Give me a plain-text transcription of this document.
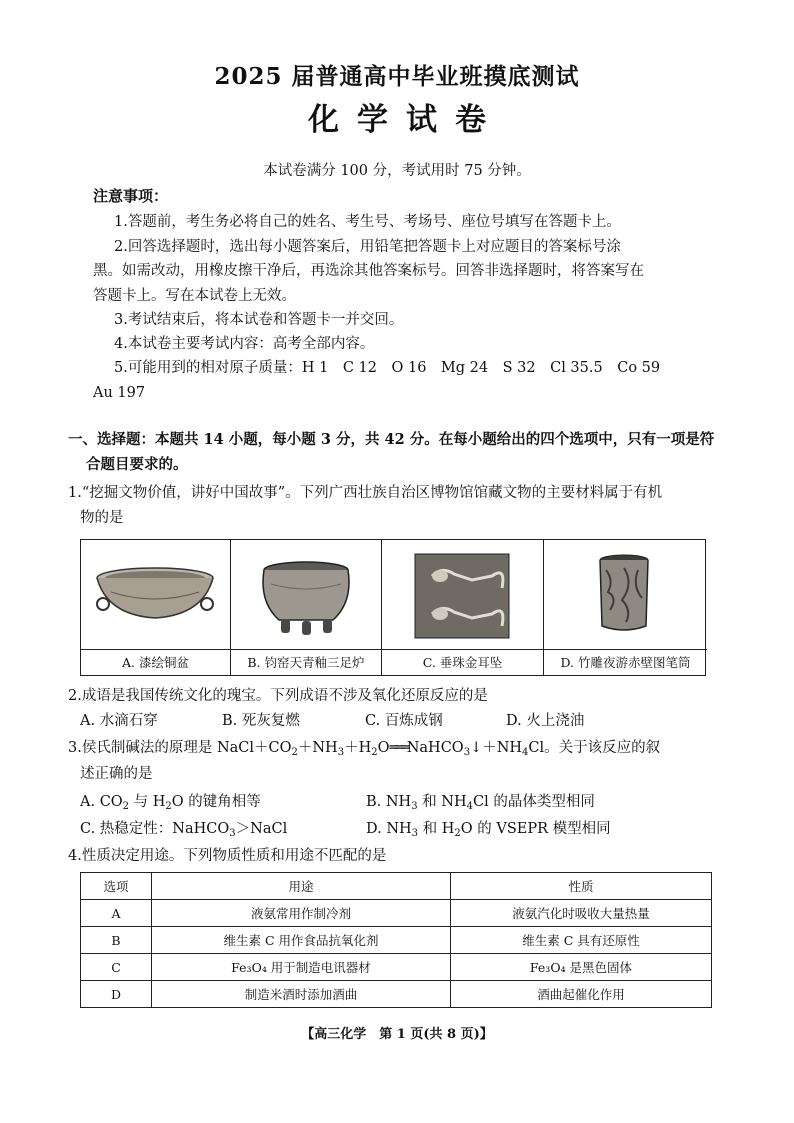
2025 届普通高中毕业班摸底测试
化学试卷
本试卷满分 100 分，考试用时 75 分钟。
注意事项：
1.答题前，考生务必将自己的姓名、考生号、考场号、座位号填写在答题卡上。
2.回答选择题时，选出每小题答案后，用铅笔把答题卡上对应题目的答案标号涂
黑。如需改动，用橡皮擦干净后，再选涂其他答案标号。回答非选择题时，将答案写在
答题卡上。写在本试卷上无效。
3.考试结束后，将本试卷和答题卡一并交回。
4.本试卷主要考试内容：高考全部内容。
5.可能用到的相对原子质量：H 1　C 12　O 16　Mg 24　S 32　Cl 35.5　Co 59
Au 197
一、选择题：本题共 14 小题，每小题 3 分，共 42 分。在每小题给出的四个选项中，只有一项是符
合题目要求的。
1.“挖掘文物价值，讲好中国故事”。下列广西壮族自治区博物馆馆藏文物的主要材料属于有机
物的是
A. 漆绘铜盆	B. 钧窑天青釉三足炉	C. 垂珠金耳坠	D. 竹雕夜游赤壁图笔筒
2.成语是我国传统文化的瑰宝。下列成语不涉及氧化还原反应的是
A. 水滴石穿	B. 死灰复燃	C. 百炼成钢	D. 火上浇油
3.侯氏制碱法的原理是 $NaCl+CO_2+NH_3+H_2O═══NaHCO_3↓+NH_4Cl$。关于该反应的叙
述正确的是
A. $CO_2$ 与 $H_2O$ 的键角相等	B. $NH_3$ 和 $NH_4Cl$ 的晶体类型相同
C. 热稳定性：NaHCO$_3$＞NaCl	D. $NH_3$ 和 $H_2O$ 的 VSEPR 模型相同
4.性质决定用途。下列物质性质和用途不匹配的是
选项	用途	性质
A	液氨常用作制冷剂	液氨汽化时吸收大量热量
B	维生素 C 用作食品抗氧化剂	维生素 C 具有还原性
C	Fe₃O₄ 用于制造电讯器材	Fe₃O₄ 是黑色固体
D	制造米酒时添加酒曲	酒曲起催化作用
【高三化学　第 1 页(共 8 页)】
